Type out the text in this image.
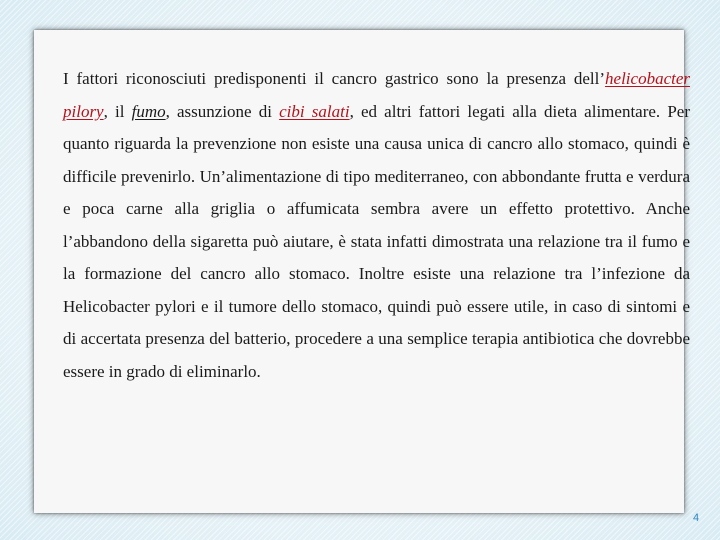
I fattori riconosciuti predisponenti il cancro gastrico sono la presenza dell’helicobacter pilory, il fumo, assunzione di cibi salati, ed altri fattori legati alla dieta alimentare. Per quanto riguarda la prevenzione non esiste una causa unica di cancro allo stomaco, quindi è difficile prevenirlo. Un’alimentazione di tipo mediterraneo, con abbondante frutta e verdura e poca carne alla griglia o affumicata sembra avere un effetto protettivo. Anche l’abbandono della sigaretta può aiutare, è stata infatti dimostrata una relazione tra il fumo e la formazione del cancro allo stomaco. Inoltre esiste una relazione tra l’infezione da Helicobacter pylori e il tumore dello stomaco, quindi può essere utile, in caso di sintomi e di accertata presenza del batterio, procedere a una semplice terapia antibiotica che dovrebbe essere in grado di eliminarlo.

4
